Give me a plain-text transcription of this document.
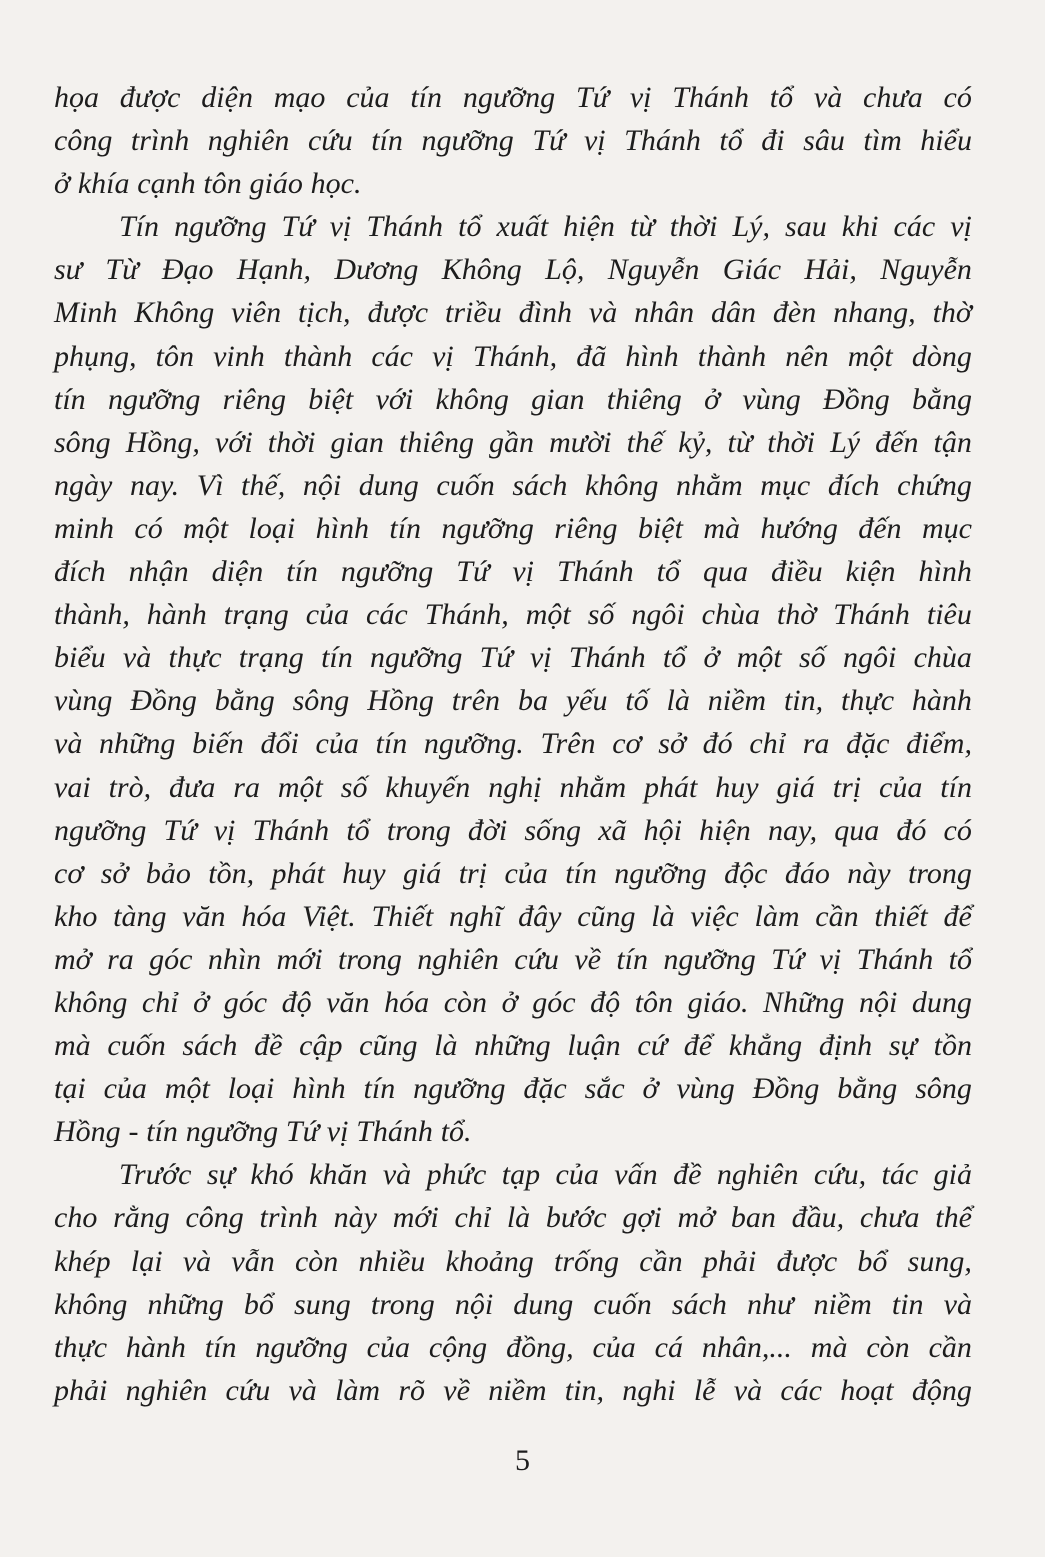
họa được diện mạo của tín ngưỡng Tứ vị Thánh tổ và chưa có
công trình nghiên cứu tín ngưỡng Tứ vị Thánh tổ đi sâu tìm hiểu
ở khía cạnh tôn giáo học.
Tín ngưỡng Tứ vị Thánh tổ xuất hiện từ thời Lý, sau khi các vị
sư Từ Đạo Hạnh, Dương Không Lộ, Nguyễn Giác Hải, Nguyễn
Minh Không viên tịch, được triều đình và nhân dân đèn nhang, thờ
phụng, tôn vinh thành các vị Thánh, đã hình thành nên một dòng
tín ngưỡng riêng biệt với không gian thiêng ở vùng Đồng bằng
sông Hồng, với thời gian thiêng gần mười thế kỷ, từ thời Lý đến tận
ngày nay. Vì thế, nội dung cuốn sách không nhằm mục đích chứng
minh có một loại hình tín ngưỡng riêng biệt mà hướng đến mục
đích nhận diện tín ngưỡng Tứ vị Thánh tổ qua điều kiện hình
thành, hành trạng của các Thánh, một số ngôi chùa thờ Thánh tiêu
biểu và thực trạng tín ngưỡng Tứ vị Thánh tổ ở một số ngôi chùa
vùng Đồng bằng sông Hồng trên ba yếu tố là niềm tin, thực hành
và những biến đổi của tín ngưỡng. Trên cơ sở đó chỉ ra đặc điểm,
vai trò, đưa ra một số khuyến nghị nhằm phát huy giá trị của tín
ngưỡng Tứ vị Thánh tổ trong đời sống xã hội hiện nay, qua đó có
cơ sở bảo tồn, phát huy giá trị của tín ngưỡng độc đáo này trong
kho tàng văn hóa Việt. Thiết nghĩ đây cũng là việc làm cần thiết để
mở ra góc nhìn mới trong nghiên cứu về tín ngưỡng Tứ vị Thánh tổ
không chỉ ở góc độ văn hóa còn ở góc độ tôn giáo. Những nội dung
mà cuốn sách đề cập cũng là những luận cứ để khẳng định sự tồn
tại của một loại hình tín ngưỡng đặc sắc ở vùng Đồng bằng sông
Hồng - tín ngưỡng Tứ vị Thánh tổ.
Trước sự khó khăn và phức tạp của vấn đề nghiên cứu, tác giả
cho rằng công trình này mới chỉ là bước gợi mở ban đầu, chưa thể
khép lại và vẫn còn nhiều khoảng trống cần phải được bổ sung,
không những bổ sung trong nội dung cuốn sách như niềm tin và
thực hành tín ngưỡng của cộng đồng, của cá nhân,... mà còn cần
phải nghiên cứu và làm rõ về niềm tin, nghi lễ và các hoạt động
5
